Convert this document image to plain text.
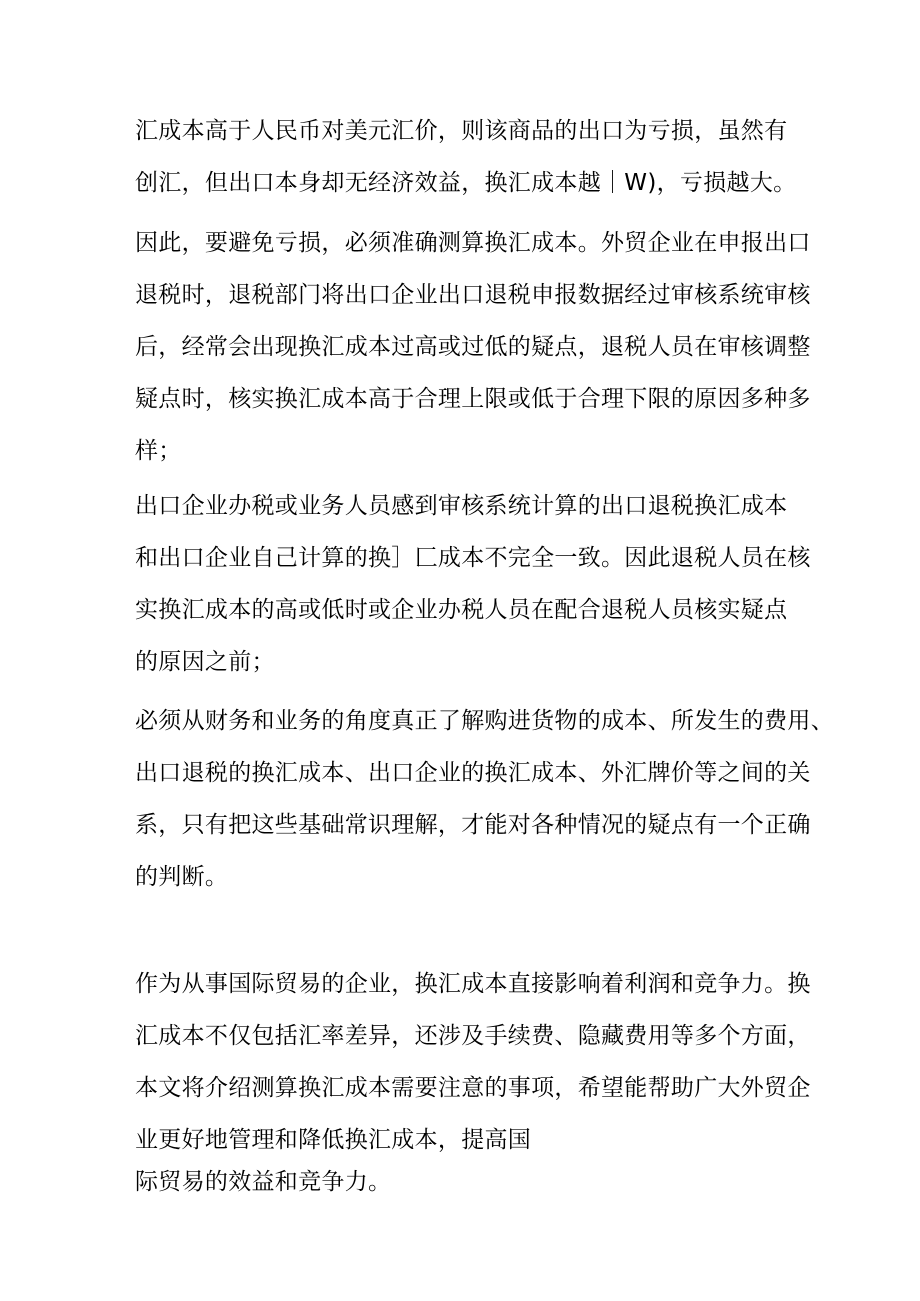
汇成本高于人民币对美元汇价，则该商品的出口为亏损，虽然有
创汇，但出口本身却无经济效益，换汇成本越｜W)，亏损越大。
因此，要避免亏损，必须准确测算换汇成本。外贸企业在申报出口
退税时，退税部门将出口企业出口退税申报数据经过审核系统审核
后，经常会出现换汇成本过高或过低的疑点，退税人员在审核调整
疑点时，核实换汇成本高于合理上限或低于合理下限的原因多种多
样；
出口企业办税或业务人员感到审核系统计算的出口退税换汇成本
和出口企业自己计算的换］匚成本不完全一致。因此退税人员在核
实换汇成本的高或低时或企业办税人员在配合退税人员核实疑点
的原因之前；
必须从财务和业务的角度真正了解购进货物的成本、所发生的费用、
出口退税的换汇成本、出口企业的换汇成本、外汇牌价等之间的关
系，只有把这些基础常识理解，才能对各种情况的疑点有一个正确
的判断。
作为从事国际贸易的企业，换汇成本直接影响着利润和竞争力。换
汇成本不仅包括汇率差异，还涉及手续费、隐藏费用等多个方面，
本文将介绍测算换汇成本需要注意的事项，希望能帮助广大外贸企
业更好地管理和降低换汇成本，提高国
际贸易的效益和竞争力。
